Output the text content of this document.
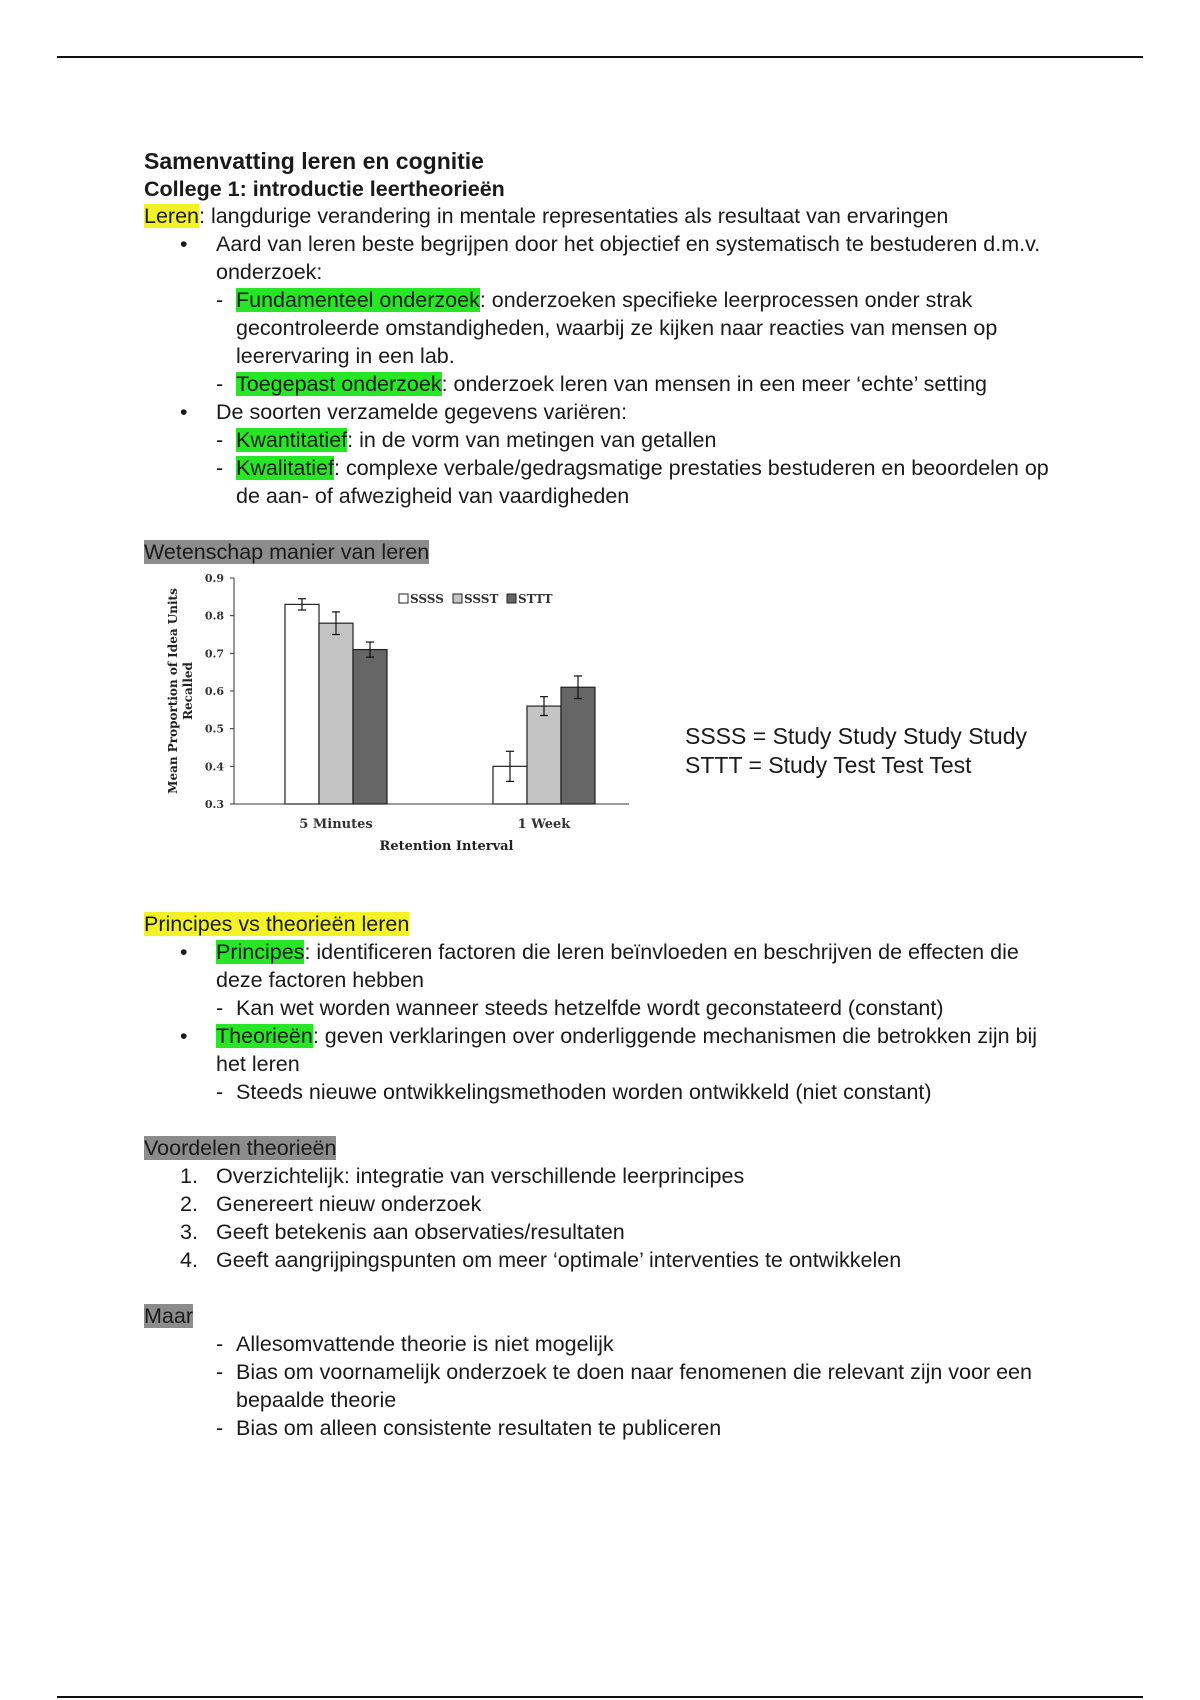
Samenvatting leren en cognitie
College 1: introductie leertheorieën
Leren: langdurige verandering in mentale representaties als resultaat van ervaringen
• Aard van leren beste begrijpen door het objectief en systematisch te bestuderen d.m.v. onderzoek:
- Fundamenteel onderzoek: onderzoeken specifieke leerprocessen onder strak gecontroleerde omstandigheden, waarbij ze kijken naar reacties van mensen op leerervaring in een lab.
- Toegepast onderzoek: onderzoek leren van mensen in een meer ‘echte’ setting
• De soorten verzamelde gegevens variëren:
- Kwantitatief: in de vorm van metingen van getallen
- Kwalitatief: complexe verbale/gedragsmatige prestaties bestuderen en beoordelen op de aan- of afwezigheid van vaardigheden
Wetenschap manier van leren
0.3
0.4
0.5
0.6
0.7
0.8
0.9
Mean Proportion of Idea UnitsRecalled
5 Minutes	1 Week
Retention Interval
SSSS SSST STTT
SSSS = Study Study Study Study
STTT = Study Test Test Test
Principes vs theorieën leren
• Principes: identificeren factoren die leren beïnvloeden en beschrijven de effecten die deze factoren hebben
- Kan wet worden wanneer steeds hetzelfde wordt geconstateerd (constant)
• Theorieën: geven verklaringen over onderliggende mechanismen die betrokken zijn bij het leren
- Steeds nieuwe ontwikkelingsmethoden worden ontwikkeld (niet constant)
Voordelen theorieën
1. Overzichtelijk: integratie van verschillende leerprincipes
2. Genereert nieuw onderzoek
3. Geeft betekenis aan observaties/resultaten
4. Geeft aangrijpingspunten om meer ‘optimale’ interventies te ontwikkelen
Maar
- Allesomvattende theorie is niet mogelijk
- Bias om voornamelijk onderzoek te doen naar fenomenen die relevant zijn voor een bepaalde theorie
- Bias om alleen consistente resultaten te publiceren
